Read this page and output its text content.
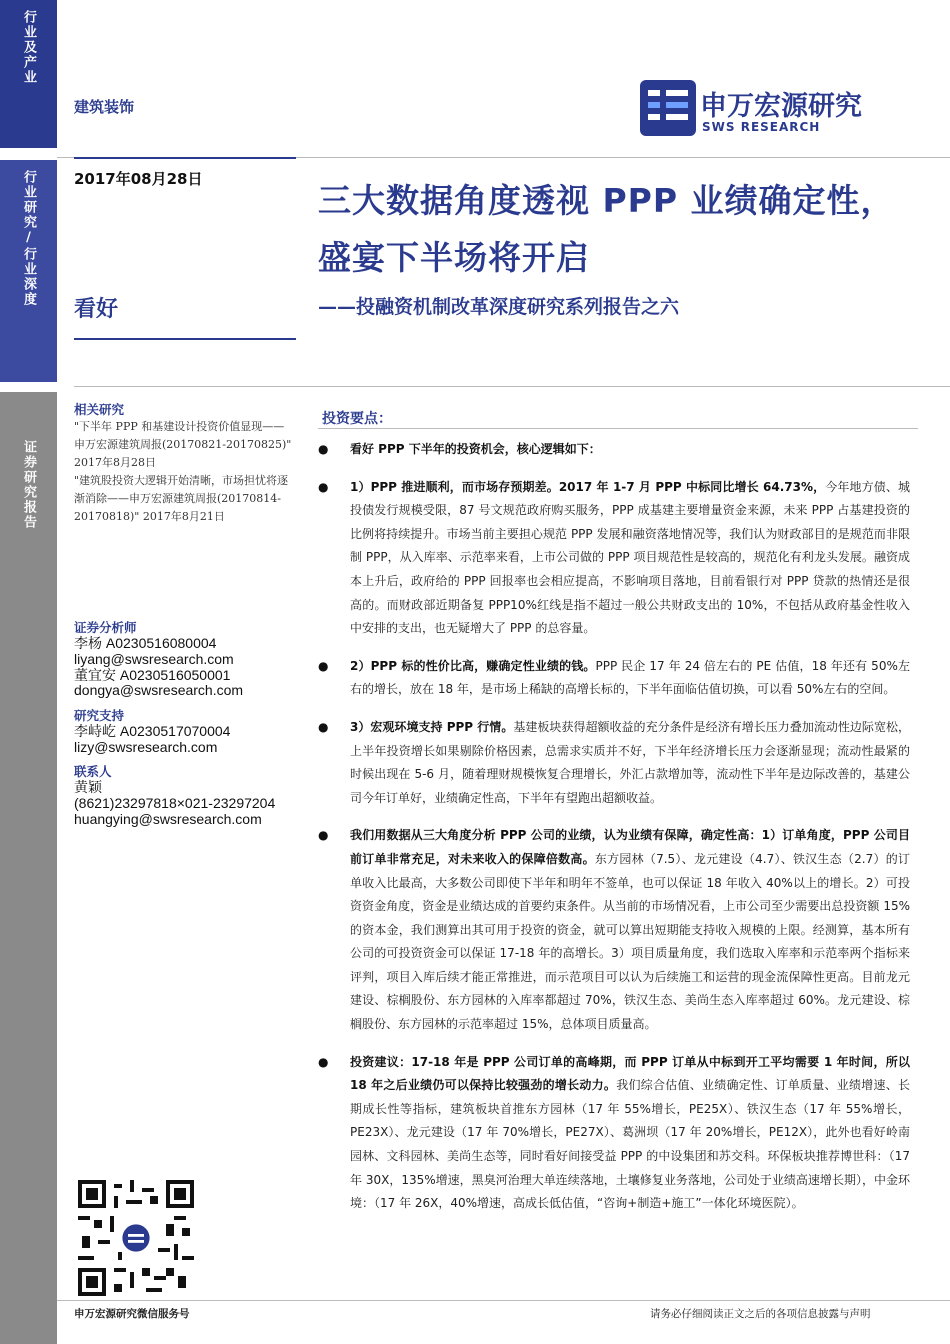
行业及产业
行业研究/行业深度
证券研究报告
建筑装饰	申万宏源研究
SWS RESEARCH
2017年08月28日
看好
三大数据角度透视 PPP 业绩确定性，盛宴下半场将开启
——投融资机制改革深度研究系列报告之六
相关研究

"下半年 PPP 和基建设计投资价值显现——申万宏源建筑周报(20170821-20170825)" 2017年8月28日

"建筑股投资大逻辑开始清晰，市场担忧将逐渐消除——申万宏源建筑周报(20170814-20170818)" 2017年8月21日

证券分析师
李杨 A0230516080004
liyang@swsresearch.com
董宜安 A0230516050001
dongya@swsresearch.com
研究支持
李峙屹 A0230517070004
lizy@swsresearch.com
联系人
黄颖
(8621)23297818×021-23297204
huangying@swsresearch.com
投资要点：
● 看好 PPP 下半年的投资机会，核心逻辑如下：
● 1）PPP 推进顺利，而市场存预期差。2017 年 1-7 月 PPP 中标同比增长 64.73%，今年地方债、城投债发行规模受限，87 号文规范政府购买服务，PPP 成基建主要增量资金来源，未来 PPP 占基建投资的比例将持续提升。市场当前主要担心规范 PPP 发展和融资落地情况等，我们认为财政部目的是规范而非限制 PPP，从入库率、示范率来看，上市公司做的 PPP 项目规范性是较高的，规范化有利龙头发展。融资成本上升后，政府给的 PPP 回报率也会相应提高，不影响项目落地，目前看银行对 PPP 贷款的热情还是很高的。而财政部近期备复 PPP10%红线是指不超过一般公共财政支出的 10%，不包括从政府基金性收入中安排的支出，也无疑增大了 PPP 的总容量。
● 2）PPP 标的性价比高，赚确定性业绩的钱。PPP 民企 17 年 24 倍左右的 PE 估值，18 年还有 50%左右的增长，放在 18 年，是市场上稀缺的高增长标的，下半年面临估值切换，可以看 50%左右的空间。
● 3）宏观环境支持 PPP 行情。基建板块获得超额收益的充分条件是经济有增长压力叠加流动性边际宽松，上半年投资增长如果剔除价格因素，总需求实质并不好，下半年经济增长压力会逐渐显现；流动性最紧的时候出现在 5-6 月，随着理财规模恢复合理增长，外汇占款增加等，流动性下半年是边际改善的，基建公司今年订单好，业绩确定性高，下半年有望跑出超额收益。
● 我们用数据从三大角度分析 PPP 公司的业绩，认为业绩有保障，确定性高：1）订单角度，PPP 公司目前订单非常充足，对未来收入的保障倍数高。东方园林（7.5）、龙元建设（4.7）、铁汉生态（2.7）的订单收入比最高，大多数公司即使下半年和明年不签单，也可以保证 18 年收入 40%以上的增长。2）可投资资金角度，资金是业绩达成的首要约束条件。从当前的市场情况看，上市公司至少需要出总投资额 15%的资本金，我们测算出其可用于投资的资金，就可以算出短期能支持收入规模的上限。经测算，基本所有公司的可投资资金可以保证 17-18 年的高增长。3）项目质量角度，我们选取入库率和示范率两个指标来评判，项目入库后续才能正常推进，而示范项目可以认为后续施工和运营的现金流保障性更高。目前龙元建设、棕榈股份、东方园林的入库率都超过 70%，铁汉生态、美尚生态入库率超过 60%。龙元建设、棕榈股份、东方园林的示范率超过 15%，总体项目质量高。
● 投资建议：17-18 年是 PPP 公司订单的高峰期，而 PPP 订单从中标到开工平均需要 1 年时间，所以 18 年之后业绩仍可以保持比较强劲的增长动力。我们综合估值、业绩确定性、订单质量、业绩增速、长期成长性等指标，建筑板块首推东方园林（17 年 55%增长，PE25X）、铁汉生态（17 年 55%增长，PE23X）、龙元建设（17 年 70%增长，PE27X）、葛洲坝（17 年 20%增长，PE12X），此外也看好岭南园林、文科园林、美尚生态等，同时看好间接受益 PPP 的中设集团和苏交科。环保板块推荐博世科：（17 年 30X，135%增速，黑臭河治理大单连续落地，土壤修复业务落地，公司处于业绩高速增长期），中金环境：（17 年 26X，40%增速，高成长低估值，“咨询+制造+施工”一体化环境医院）。
申万宏源研究微信服务号	请务必仔细阅读正文之后的各项信息披露与声明
